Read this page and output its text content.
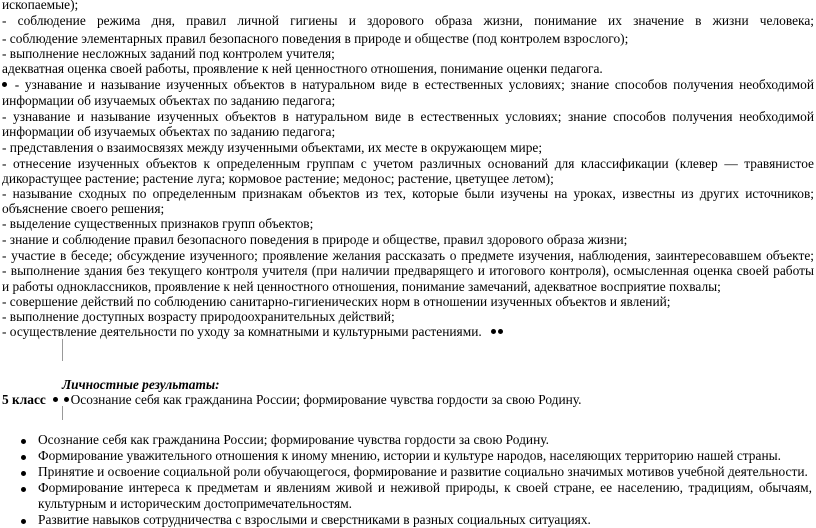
ископаемые);
- соблюдение режима дня, правил личной гигиены и здорового образа жизни, понимание их значение в жизни человека;
- соблюдение элементарных правил безопасного поведения в природе и обществе (под контролем взрослого);
- выполнение несложных заданий под контролем учителя;
адекватная оценка своей работы, проявление к ней ценностного отношения, понимание оценки педагога.
- узнавание и называние изученных объектов в натуральном виде в естественных условиях; знание способов получения необходимой
информации об изучаемых объектах по заданию педагога;
- узнавание и называние изученных объектов в натуральном виде в естественных условиях; знание способов получения необходимой
информации об изучаемых объектах по заданию педагога;
- представления о взаимосвязях между изученными объектами, их месте в окружающем мире;
- отнесение изученных объектов к определенным группам с учетом различных оснований для классификации (клевер — травянистое
дикорастущее растение; растение луга; кормовое растение; медонос; растение, цветущее летом);
- называние сходных по определенным признакам объектов из тех, которые были изучены на уроках, известны из других источников;
объяснение своего решения;
- выделение существенных признаков групп объектов;
- знание и соблюдение правил безопасного поведения в природе и обществе, правил здорового образа жизни;
- участие в беседе; обсуждение изученного; проявление желания рассказать о предмете изучения, наблюдения, заинтересовавшем объекте;
- выполнение здания без текущего контроля учителя (при наличии предварящего и итогового контроля), осмысленная оценка своей работы
и работы одноклассников, проявление к ней ценностного отношения, понимание замечаний, адекватное восприятие похвалы;
- совершение действий по соблюдению санитарно-гигиенических норм в отношении изученных объектов и явлений;
- выполнение доступных возрасту природоохранительных действий;
- осуществление деятельности по уходу за комнатными и культурными растениями.
Личностные результаты:
5 класс Осознание себя как гражданина России; формирование чувства гордости за свою Родину.
Осознание себя как гражданина России; формирование чувства гордости за свою Родину.
Формирование уважительного отношения к иному мнению, истории и культуре народов, населяющих территорию нашей страны.
Принятие и освоение социальной роли обучающегося, формирование и развитие социально значимых мотивов учебной деятельности.
Формирование интереса к предметам и явлениям живой и неживой природы, к своей стране, ее населению, традициям, обычаям,
культурным и историческим достопримечательностям.
Развитие навыков сотрудничества с взрослыми и сверстниками в разных социальных ситуациях.
